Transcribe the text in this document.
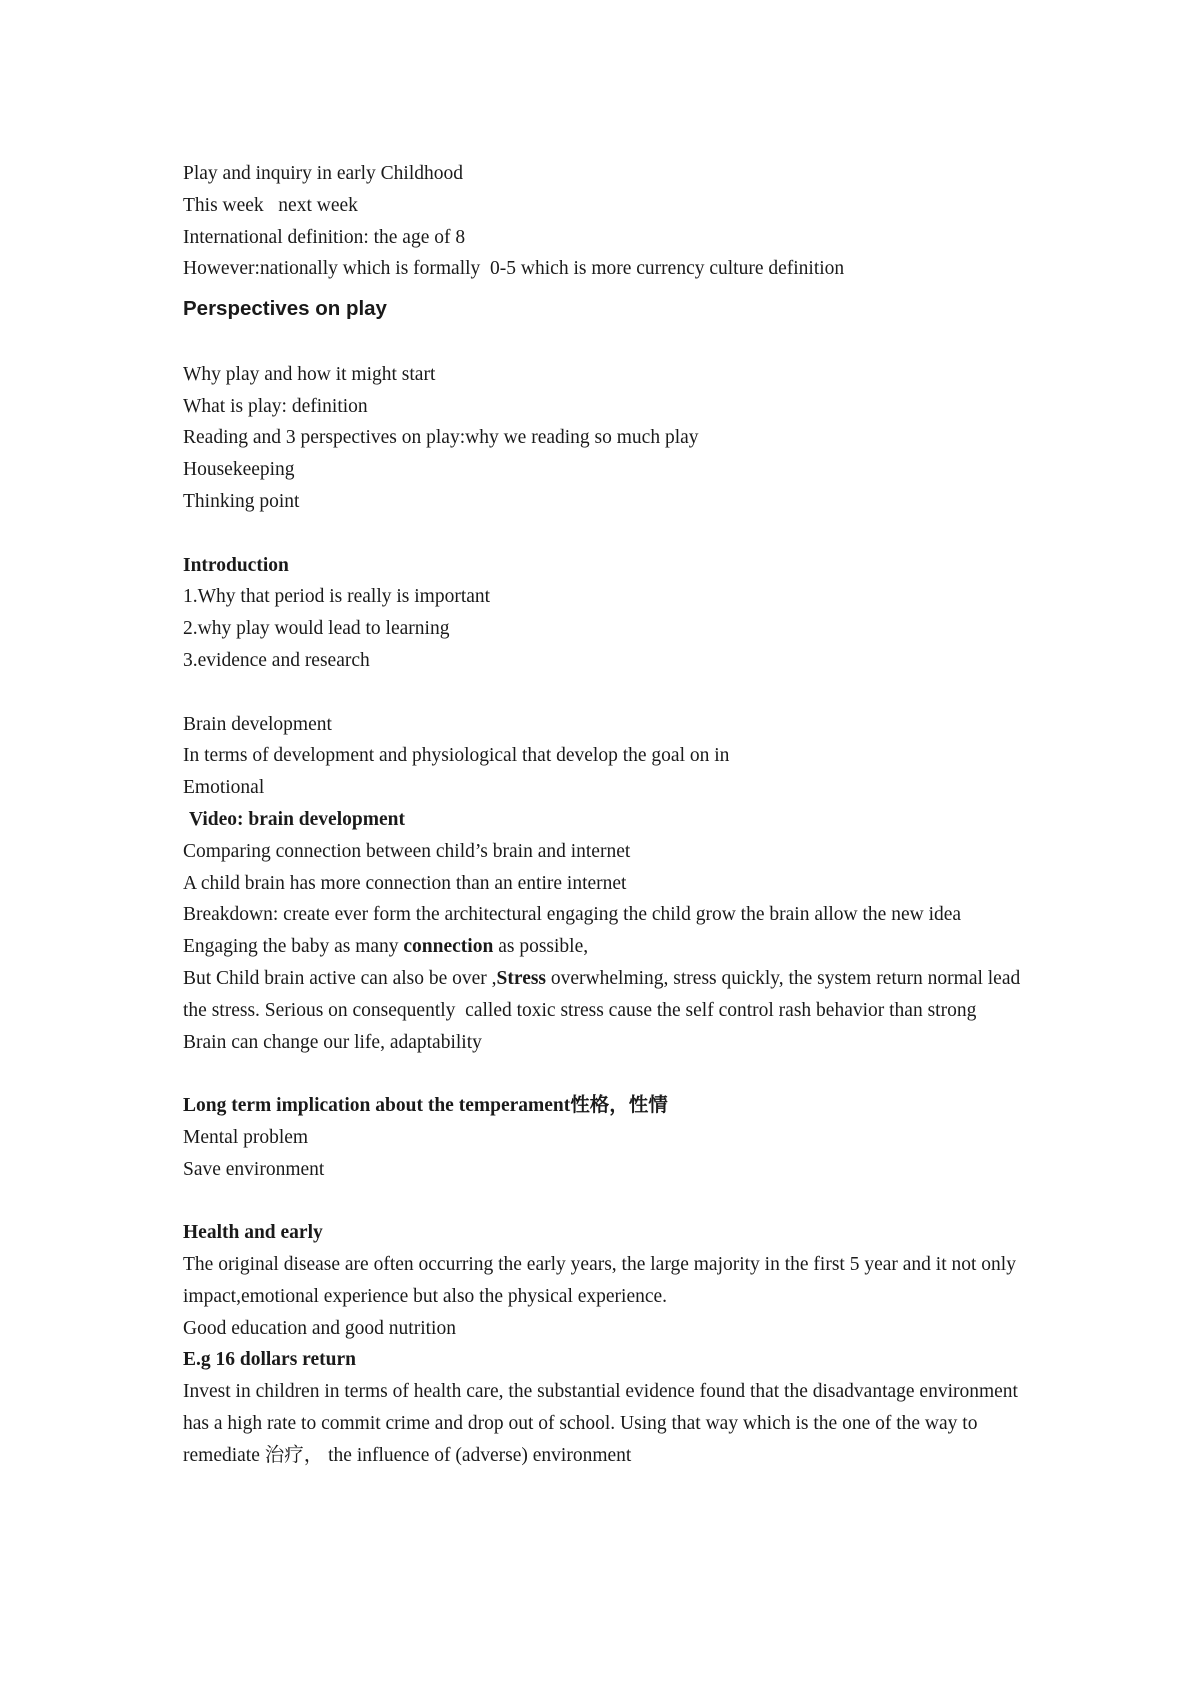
Play and inquiry in early Childhood

This week   next week

International definition: the age of 8

However:nationally which is formally  0-5 which is more currency culture definition

Perspectives on play

Why play and how it might start

What is play: definition

Reading and 3 perspectives on play:why we reading so much play

Housekeeping

Thinking point

Introduction

1.Why that period is really is important

2.why play would lead to learning

3.evidence and research

Brain development

In terms of development and physiological that develop the goal on in

Emotional

Video: brain development

Comparing connection between child’s brain and internet

A child brain has more connection than an entire internet

Breakdown: create ever form the architectural engaging the child grow the brain allow the new idea

Engaging the baby as many connection as possible,

But Child brain active can also be over ,Stress overwhelming, stress quickly, the system return normal lead the stress. Serious on consequently  called toxic stress cause the self control rash behavior than strong

Brain can change our life, adaptability

Long term implication about the temperament性格，性情

Mental problem

Save environment

Health and early

The original disease are often occurring the early years, the large majority in the first 5 year and it not only impact,emotional experience but also the physical experience.

Good education and good nutrition

E.g 16 dollars return

Invest in children in terms of health care, the substantial evidence found that the disadvantage environment has a high rate to commit crime and drop out of school. Using that way which is the one of the way to remediate 治疗， the influence of (adverse) environment
